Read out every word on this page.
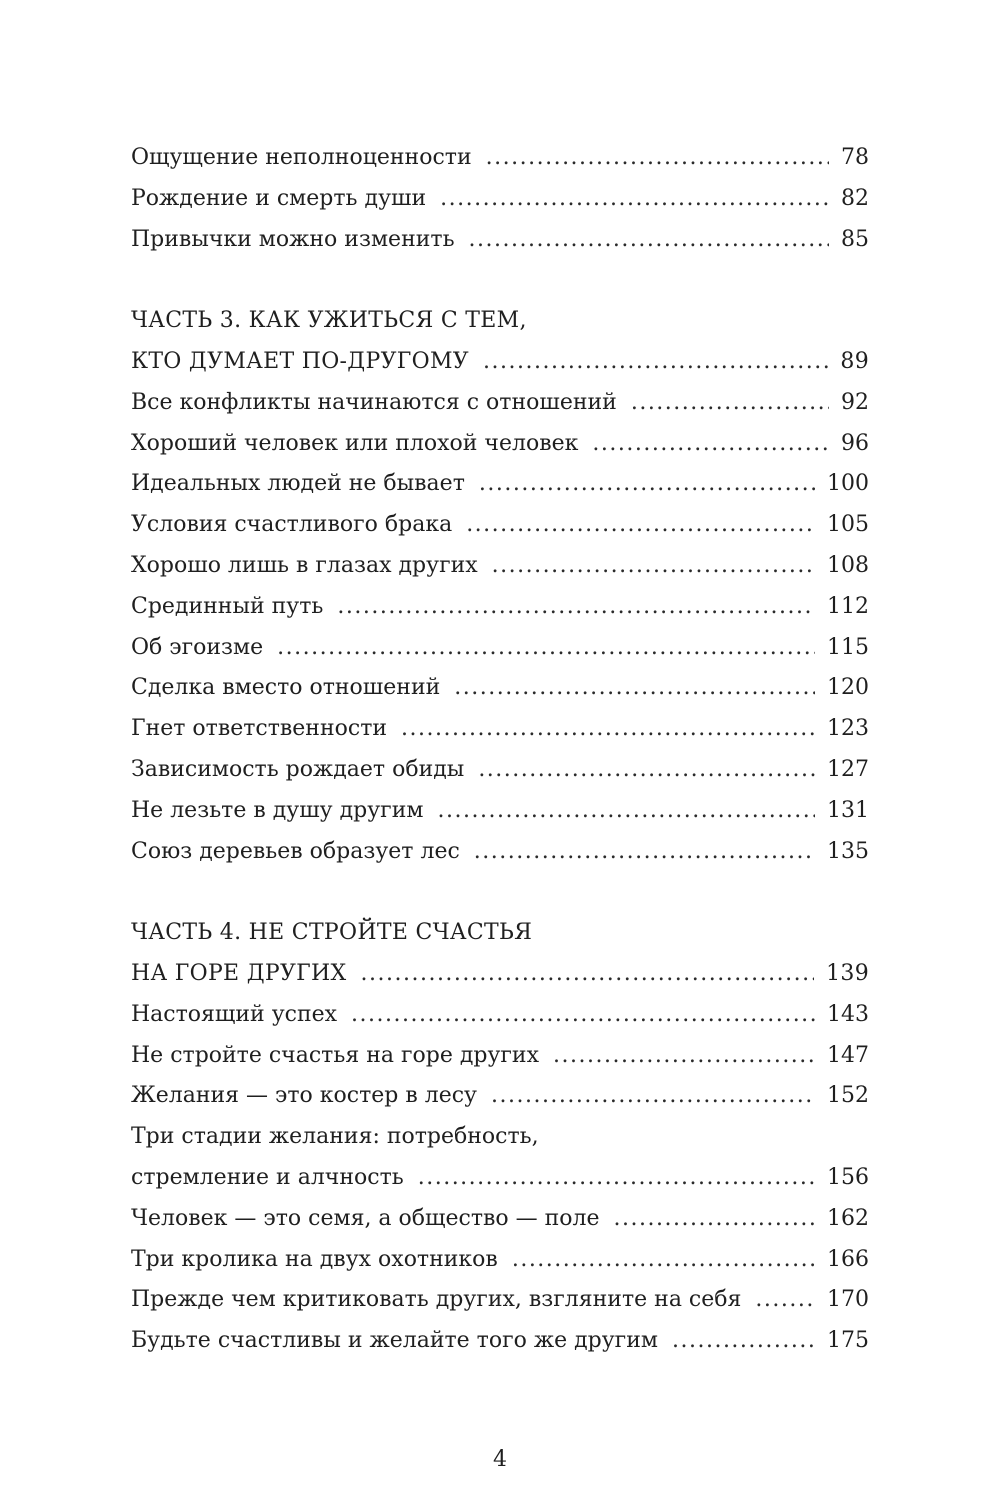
Ощущение неполноценности .....	78
Рождение и смерть души .....	82
Привычки можно изменить .....	85
ЧАСТЬ 3. КАК УЖИТЬСЯ С ТЕМ,
КТО ДУМАЕТ ПО-ДРУГОМУ .....	89
Все конфликты начинаются с отношений .....	92
Хороший человек или плохой человек .....	96
Идеальных людей не бывает .....	100
Условия счастливого брака .....	105
Хорошо лишь в глазах других .....	108
Срединный путь .....	112
Об эгоизме .....	115
Сделка вместо отношений .....	120
Гнет ответственности .....	123
Зависимость рождает обиды .....	127
Не лезьте в душу другим .....	131
Союз деревьев образует лес .....	135
ЧАСТЬ 4. НЕ СТРОЙТЕ СЧАСТЬЯ
НА ГОРЕ ДРУГИХ .....	139
Настоящий успех .....	143
Не стройте счастья на горе других .....	147
Желания — это костер в лесу .....	152
Три стадии желания: потребность,
стремление и алчность .....	156
Человек — это семя, а общество — поле .....	162
Три кролика на двух охотников .....	166
Прежде чем критиковать других, взгляните на себя .....	170
Будьте счастливы и желайте того же другим .....	175
4
